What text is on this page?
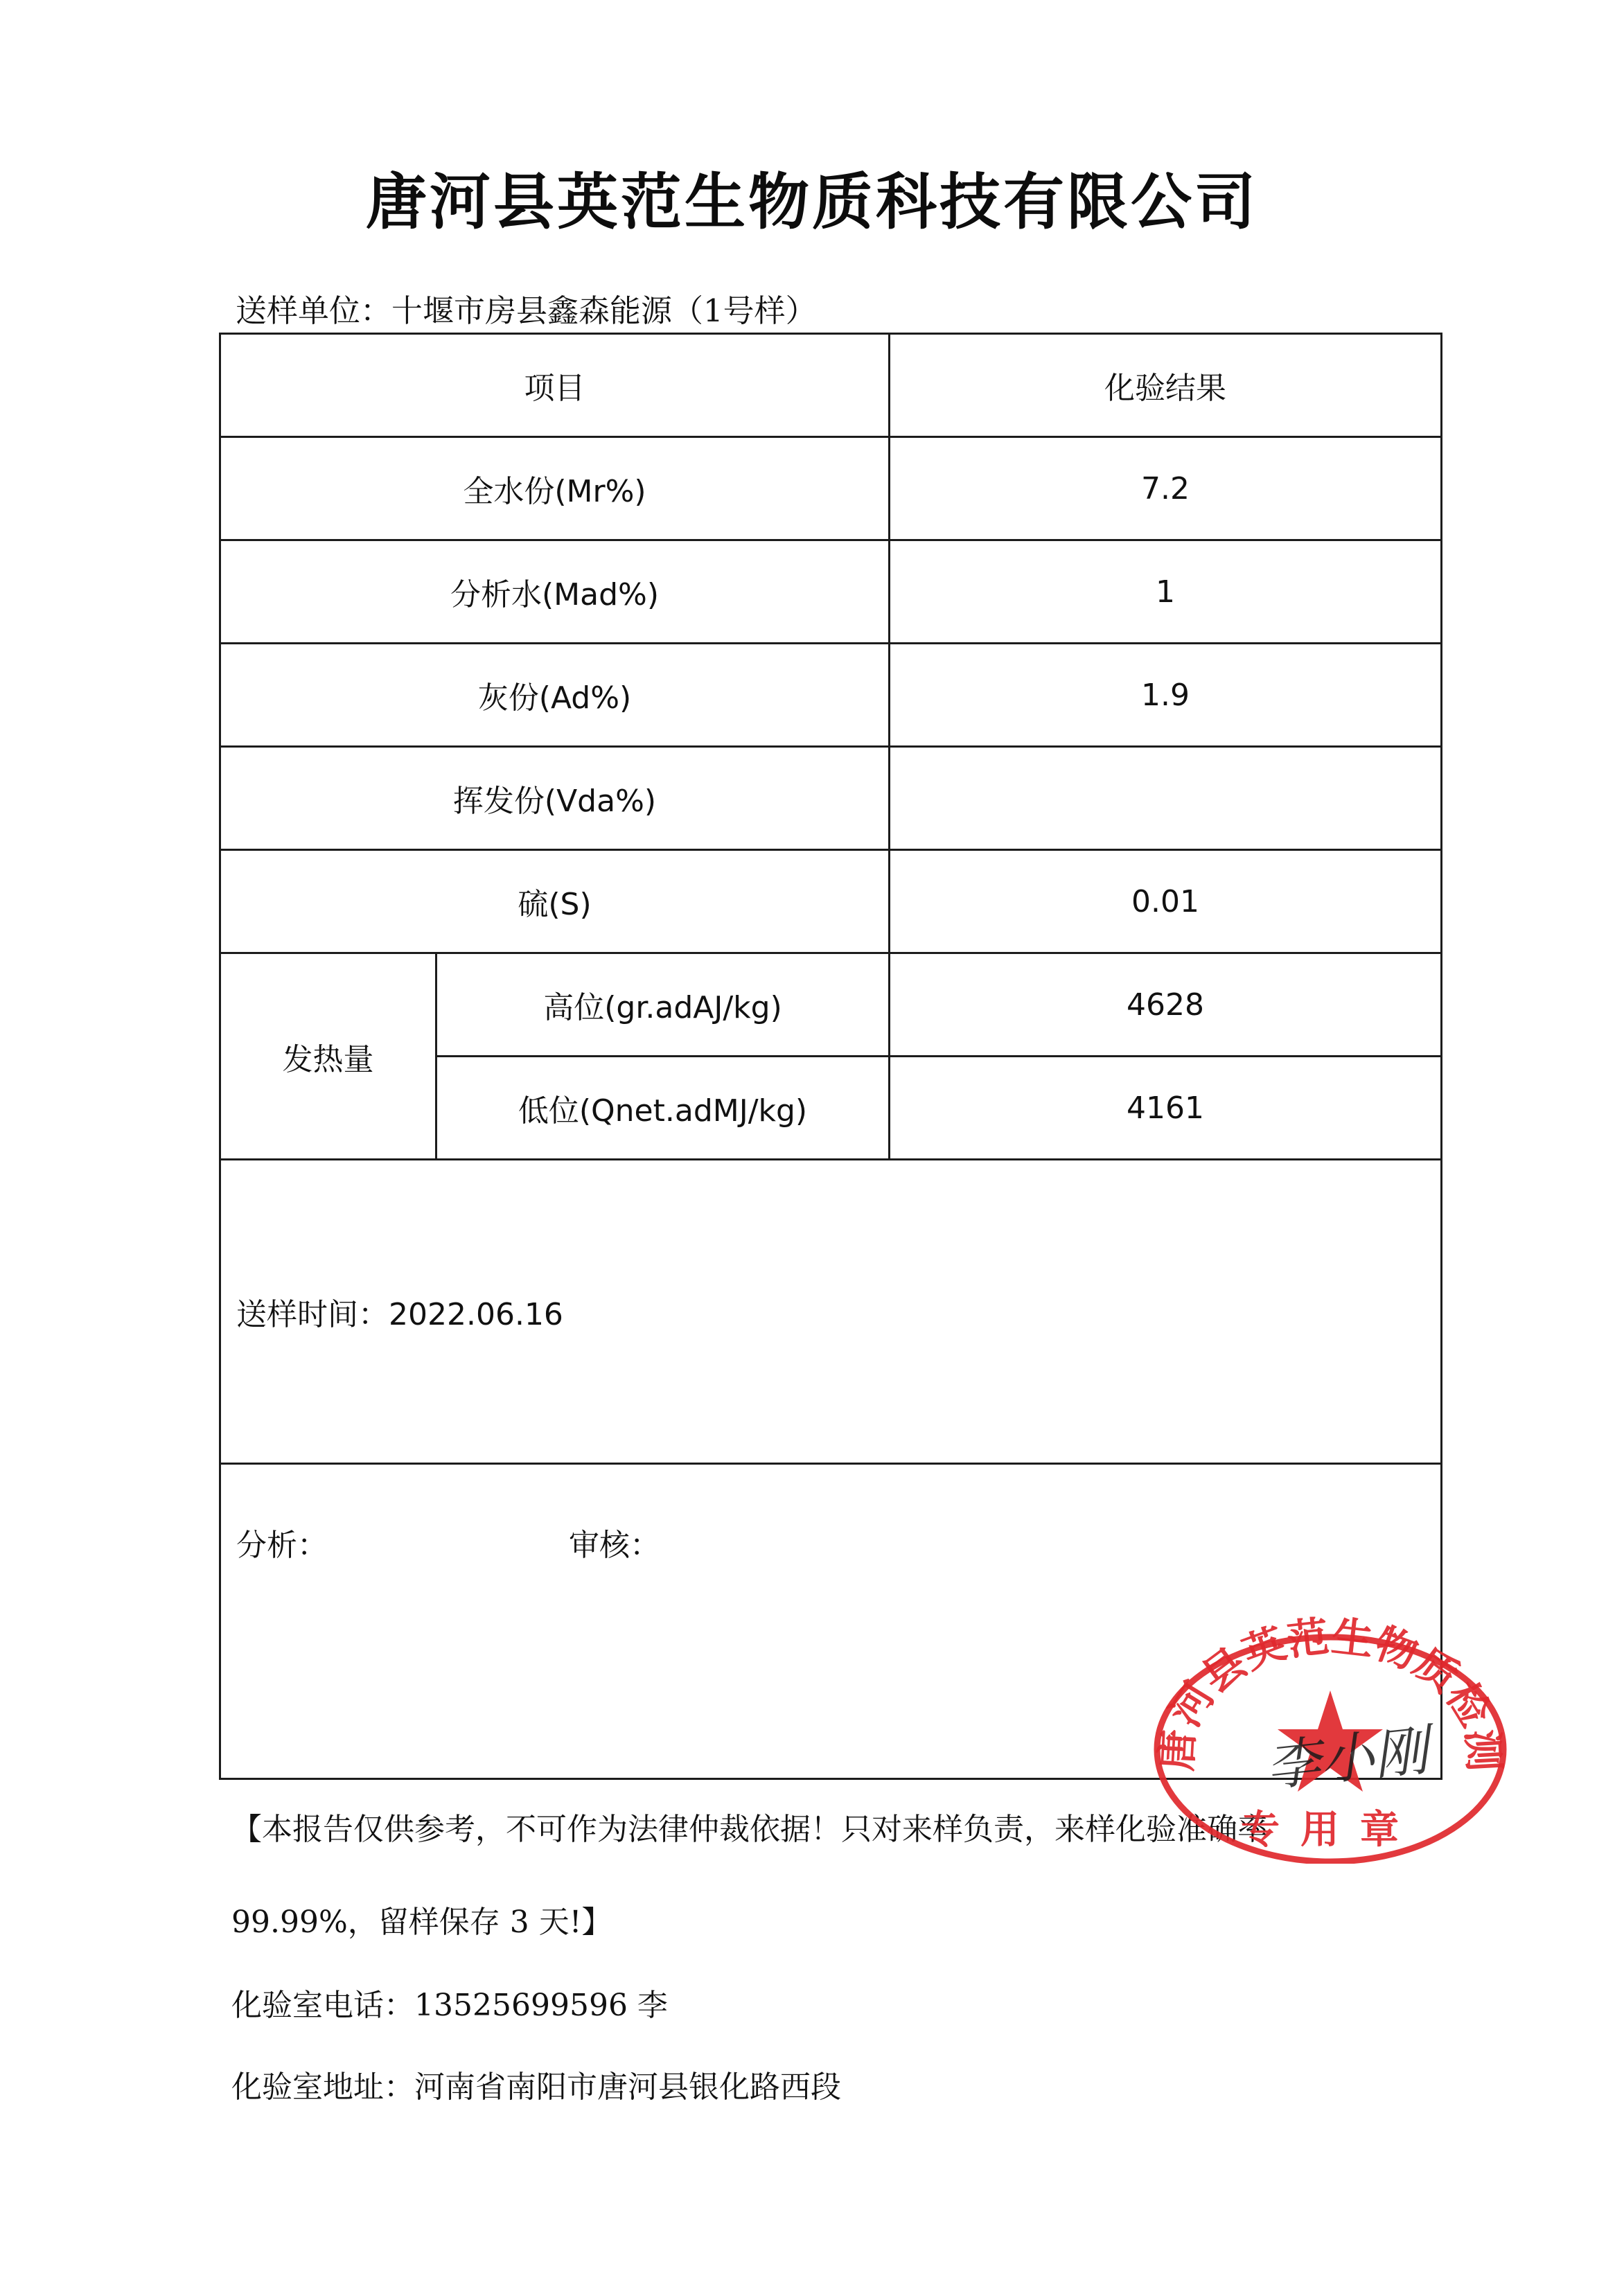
唐河县英范生物质科技有限公司
送样单位：十堰市房县鑫森能源（1号样）
项目		化验结果
全水份(Mr%)		7.2
分析水(Mad%)		1
灰份(Ad%)		1.9
挥发份(Vda%)		
硫(S)		0.01
发热量	高位(gr.adAJ/kg)	4628
	低位(Qnet.adMJ/kg)	4161
送样时间：2022.06.16		

分析： 审核：		
【本报告仅供参考，不可作为法律仲裁依据！只对来样负责，来样化验准确率
99.99%，留样保存 3 天!】
化验室电话：13525699596 李
化验室地址：河南省南阳市唐河县银化路西段
唐河县英范生物质检测
专用章
李小刚
